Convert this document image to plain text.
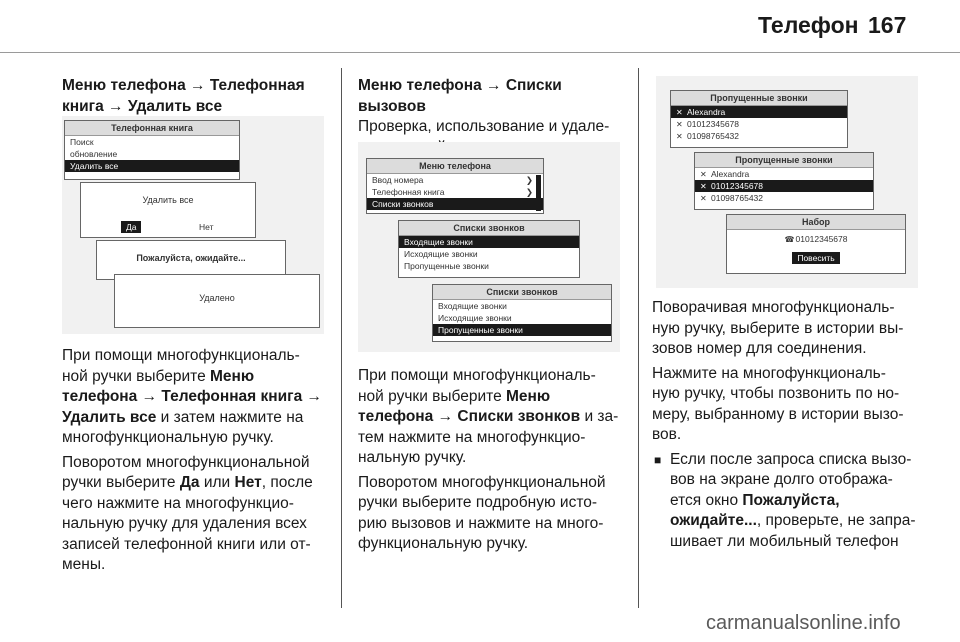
Телефон 167
Меню телефона → Телефонная
книга → Удалить все
Телефонная книга
Поиск
обновление
Удалить все
Удалить все
Да	Нет
Пожалуйста, ожидайте...
Удалено

При помощи многофункциональ-
ной ручки выберите Меню
телефона → Телефонная книга →
Удалить все и затем нажмите на
многофункциональную ручку.

Поворотом многофункциональной
ручки выберите Да или Нет, после
чего нажмите на многофункцио-
нальную ручку для удаления всех
записей телефонной книги или от-
мены.

Меню телефона → Списки вызовов
Проверка, использование и удале-

Меню телефона
Ввод номера	❯
Телефонная книга	❯
Списки звонков
Списки звонков
Входящие звонки
Исходящие звонки
Пропущенные звонки
Списки звонков
Входящие звонки
Исходящие звонки
Пропущенные звонки

При помощи многофункциональ-
ной ручки выберите Меню
телефона → Списки звонков и за-
тем нажмите на многофункцио-
нальную ручку.

Поворотом многофункциональной
ручки выберите подробную исто-
рию вызовов и нажмите на много-
функциональную ручку.

Пропущенные звонки
✕ Alexandra
✕ 01012345678
✕ 01098765432
Пропущенные звонки
✕ Alexandra
✕ 01012345678
✕ 01098765432
Набор
☎01012345678
Повесить

Поворачивая многофункциональ-
ную ручку, выберите в истории вы-
зовов номер для соединения.

Нажмите на многофункциональ-
ную ручку, чтобы позвонить по но-
меру, выбранному в истории вызо-
вов.

■ Если после запроса списка вызо-
вов на экране долго отобража-
ется окно Пожалуйста,
ожидайте..., проверьте, не запра-
шивает ли мобильный телефон

carmanualsonline.info
